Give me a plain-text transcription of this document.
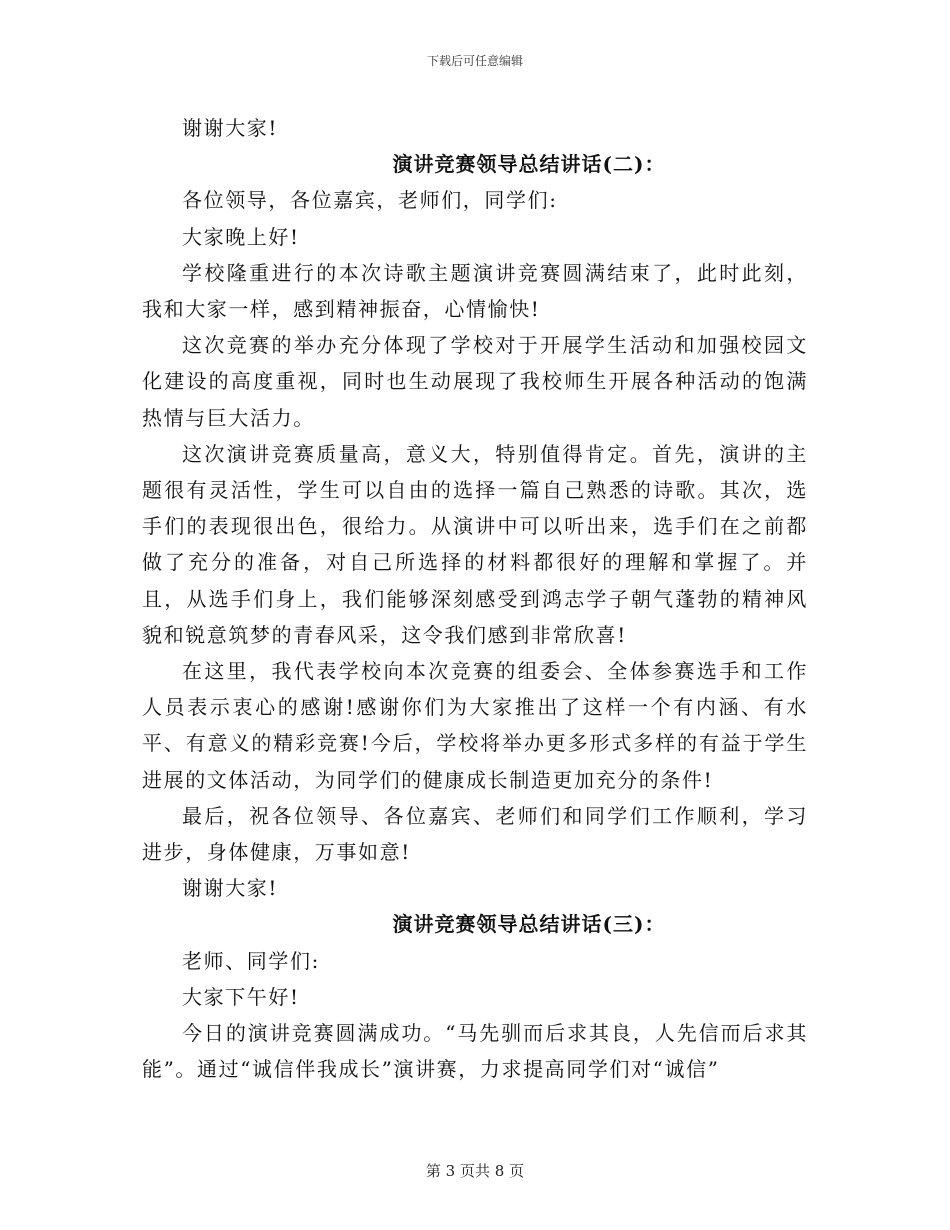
下载后可任意编辑

谢谢大家!

演讲竞赛领导总结讲话(二)：

各位领导，各位嘉宾，老师们，同学们:

大家晚上好!

学校隆重进行的本次诗歌主题演讲竞赛圆满结束了，此时此刻，我和大家一样，感到精神振奋，心情愉快!

这次竞赛的举办充分体现了学校对于开展学生活动和加强校园文化建设的高度重视，同时也生动展现了我校师生开展各种活动的饱满热情与巨大活力。

这次演讲竞赛质量高，意义大，特别值得肯定。首先，演讲的主题很有灵活性，学生可以自由的选择一篇自己熟悉的诗歌。其次，选手们的表现很出色，很给力。从演讲中可以听出来，选手们在之前都做了充分的准备，对自己所选择的材料都很好的理解和掌握了。并且，从选手们身上，我们能够深刻感受到鸿志学子朝气蓬勃的精神风貌和锐意筑梦的青春风采，这令我们感到非常欣喜!

在这里，我代表学校向本次竞赛的组委会、全体参赛选手和工作人员表示衷心的感谢!感谢你们为大家推出了这样一个有内涵、有水平、有意义的精彩竞赛!今后，学校将举办更多形式多样的有益于学生进展的文体活动，为同学们的健康成长制造更加充分的条件!

最后，祝各位领导、各位嘉宾、老师们和同学们工作顺利，学习进步，身体健康，万事如意!

谢谢大家!

演讲竞赛领导总结讲话(三)：

老师、同学们:

大家下午好!

今日的演讲竞赛圆满成功。“马先驯而后求其良，人先信而后求其能”。通过“诚信伴我成长”演讲赛，力求提高同学们对“诚信”

第 3 页共 8 页
